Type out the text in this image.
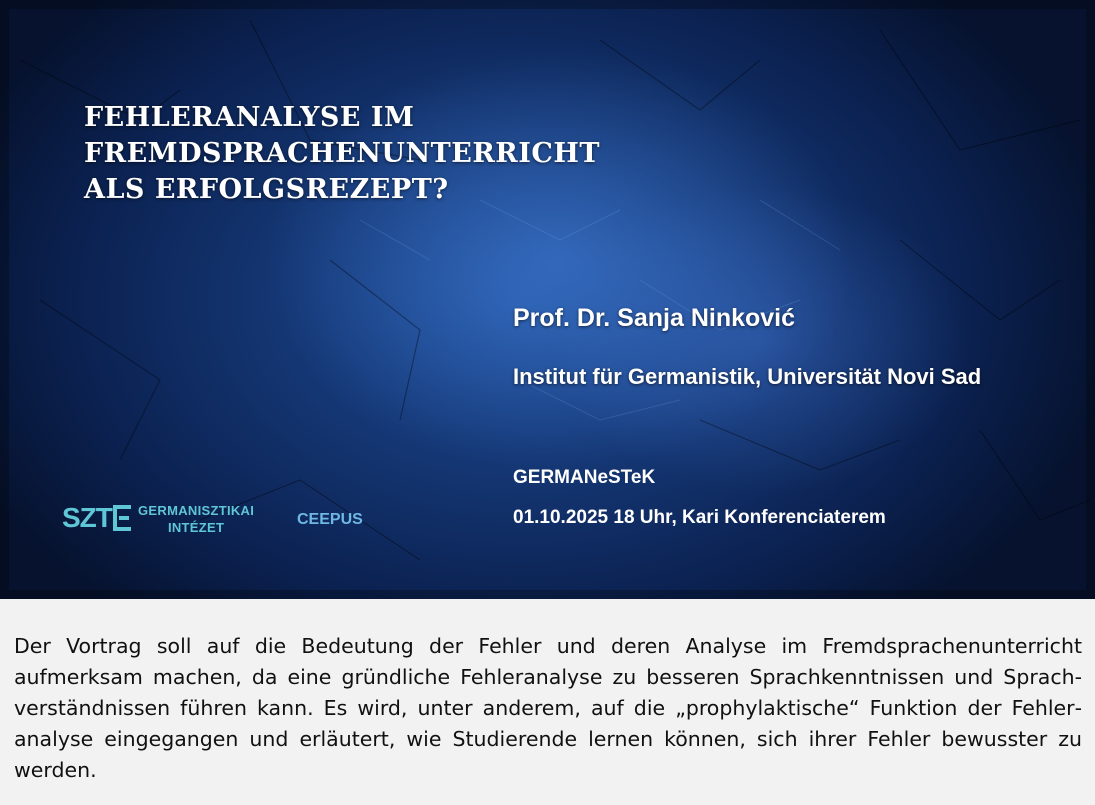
FEHLERANALYSE IM
FREMDSPRACHENUNTERRICHT
ALS ERFOLGSREZEPT?
Prof. Dr. Sanja Ninković
Institut für Germanistik, Universität Novi Sad
GERMANeSTeK
01.10.2025 18 Uhr, Kari Konferenciaterem
SZT GERMANISZTIKAI
INTÉZET	CEEPUS

Der Vortrag soll auf die Bedeutung der Fehler und deren Analyse im Fremdsprachenunterricht aufmerksam machen, da eine gründliche Fehleranalyse zu besseren Sprachkenntnissen und Sprachverständnissen führen kann. Es wird, unter anderem, auf die „prophylaktische“ Funktion der Fehleranalyse eingegangen und erläutert, wie Studierende lernen können, sich ihrer Fehler bewusster zu werden.
